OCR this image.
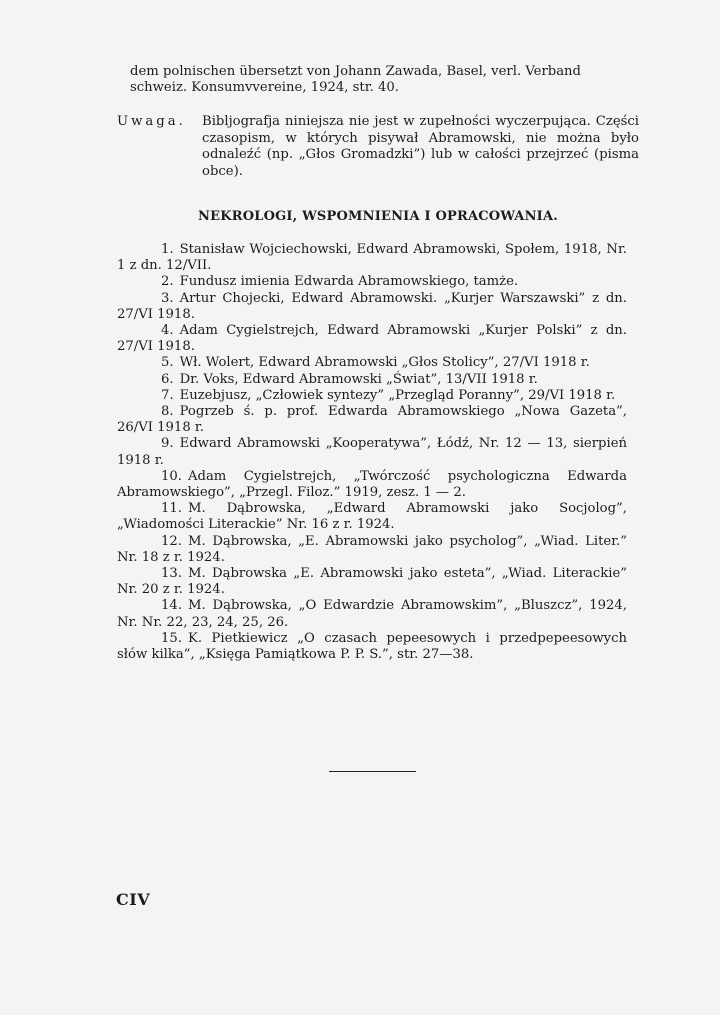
dem polnischen übersetzt von Johann Zawada, Basel, verl. Verband

schweiz. Konsumvvereine, 1924, str. 40.

Uwaga. Bibljografja niniejsza nie jest w zupełności wyczerpująca. Części czasopism, w których pisywał Abramowski, nie można było odnaleźć (np. „Głos Gromadzki”) lub w całości przejrzeć (pisma obce).

NEKROLOGI, WSPOMNIENIA I OPRACOWANIA.
1. Stanisław Wojciechowski, Edward Abramowski, Społem, 1918, Nr. 1 z dn. 12/VII.
2. Fundusz imienia Edwarda Abramowskiego, tamże.
3. Artur Chojecki, Edward Abramowski. „Kurjer Warszawski” z dn. 27/VI 1918.
4. Adam Cygielstrejch, Edward Abramowski „Kurjer Polski” z dn. 27/VI 1918.
5. Wł. Wolert, Edward Abramowski „Głos Stolicy”, 27/VI 1918 r.
6. Dr. Voks, Edward Abramowski „Świat”, 13/VII 1918 r.
7. Euzebjusz, „Człowiek syntezy” „Przegląd Poranny”, 29/VI 1918 r.
8. Pogrzeb ś. p. prof. Edwarda Abramowskiego „Nowa Gazeta”, 26/VI 1918 r.
9. Edward Abramowski „Kooperatywa”, Łódź, Nr. 12 — 13, sierpień 1918 r.
10. Adam Cygielstrejch, „Twórczość psychologiczna Edwarda Abramowskiego”, „Przegl. Filoz.” 1919, zesz. 1 — 2.
11. M. Dąbrowska, „Edward Abramowski jako Socjolog”, „Wiadomości Literackie” Nr. 16 z r. 1924.
12. M. Dąbrowska, „E. Abramowski jako psycholog”, „Wiad. Liter.” Nr. 18 z r. 1924.
13. M. Dąbrowska „E. Abramowski jako esteta”, „Wiad. Literackie” Nr. 20 z r. 1924.
14. M. Dąbrowska, „O Edwardzie Abramowskim”, „Bluszcz”, 1924, Nr. Nr. 22, 23, 24, 25, 26.
15. K. Pietkiewicz „O czasach pepeesowych i przedpepeesowych słów kilka”, „Księga Pamiątkowa P. P. S.”, str. 27—38.
CIV
